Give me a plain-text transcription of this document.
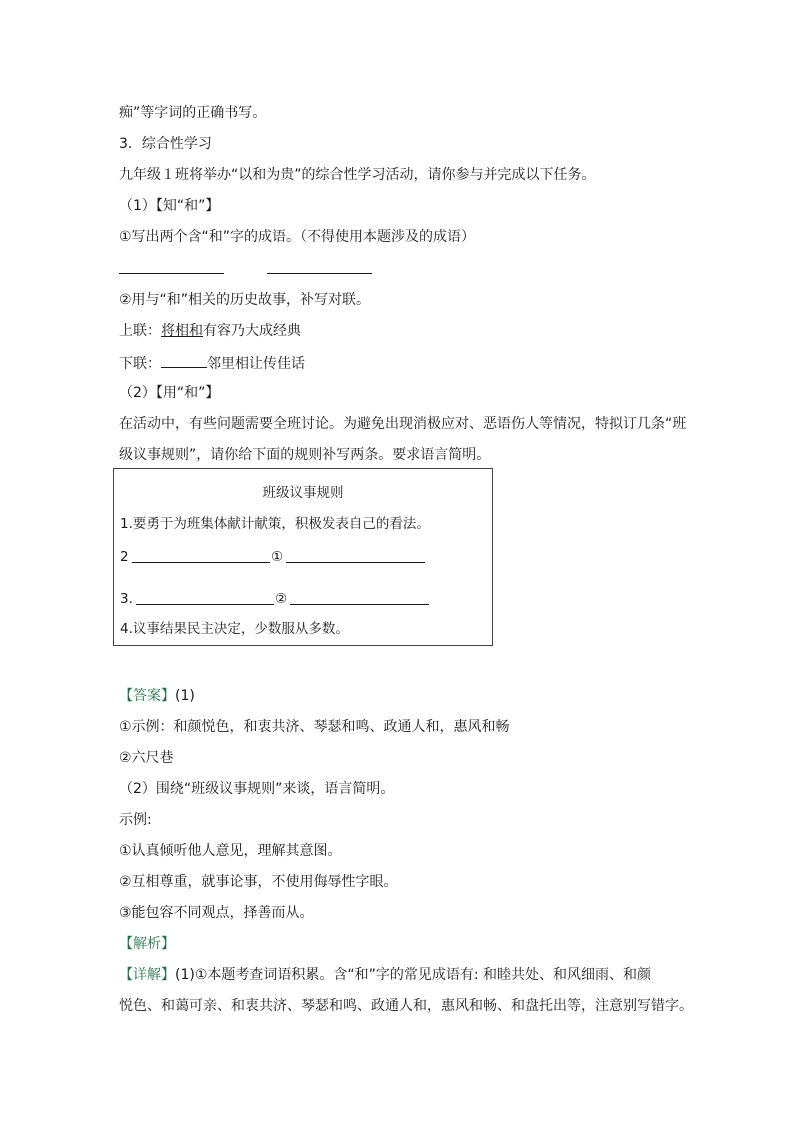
痴”等字词的正确书写。

3．综合性学习

九年级１班将举办“以和为贵”的综合性学习活动，请你参与并完成以下任务。

（1）【知“和”】

①写出两个含“和”字的成语。（不得使用本题涉及的成语）

②用与“和”相关的历史故事，补写对联。

上联：将相和有容乃大成经典

下联：	邻里相让传佳话

（2）【用“和”】

在活动中，有些问题需要全班讨论。为避免出现消极应对、恶语伤人等情况，特拟订几条“班

级议事规则”，请你给下面的规则补写两条。要求语言简明。

班级议事规则

1.要勇于为班集体献计献策，积极发表自己的看法。

2	①

3.	②

4.议事结果民主决定，少数服从多数。

【答案】(1)

①示例：和颜悦色，和衷共济、琴瑟和鸣、政通人和，惠风和畅

②六尺巷

（2）围绕“班级议事规则”来谈，语言简明。

示例:

①认真倾听他人意见，理解其意图。

②互相尊重，就事论事，不使用侮辱性字眼。

③能包容不同观点，择善而从。

【解析】

【详解】(1)①本题考查词语积累。含“和”字的常见成语有: 和睦共处、和风细雨、和颜

悦色、和蔼可亲、和衷共济、琴瑟和鸣、政通人和，惠风和畅、和盘托出等，注意别写错字。
